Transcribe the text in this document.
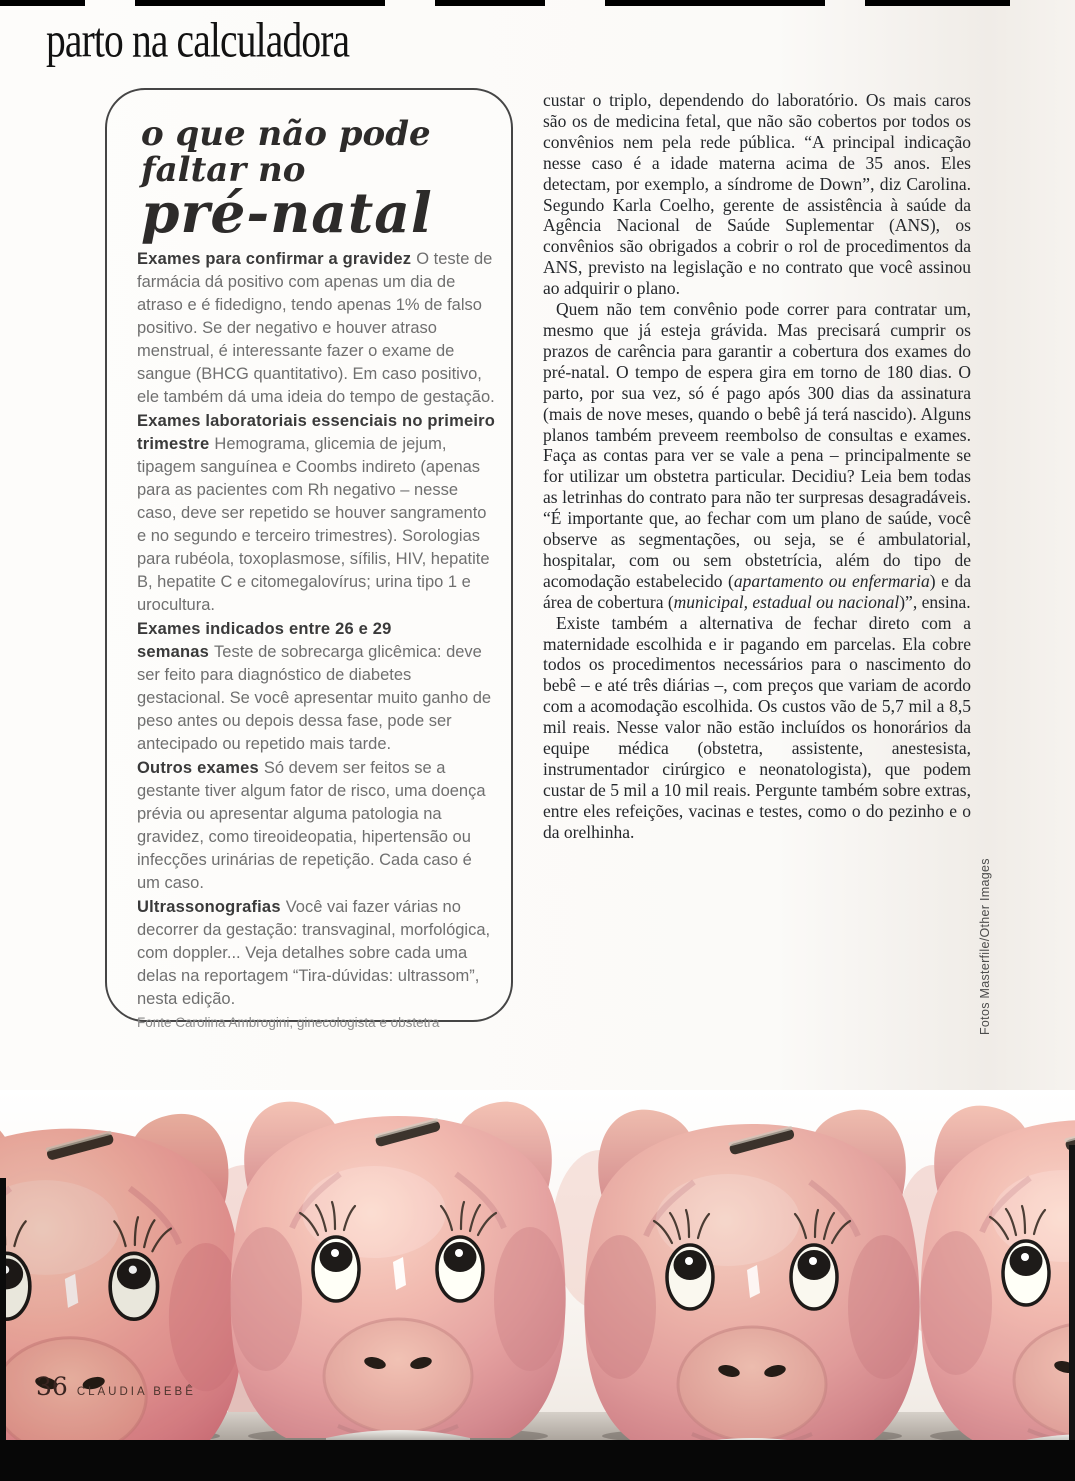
parto na calculadora
o que não pode faltar no
pré-natal

Exames para confirmar a gravidez O teste de farmácia dá positivo com apenas um dia de atraso e é fidedigno, tendo apenas 1% de falso positivo. Se der negativo e houver atraso menstrual, é interessante fazer o exame de sangue (BHCG quantitativo). Em caso positivo, ele também dá uma ideia do tempo de gestação.

Exames laboratoriais essenciais no primeiro trimestre Hemograma, glicemia de jejum, tipagem sanguínea e Coombs indireto (apenas para as pacientes com Rh negativo – nesse caso, deve ser repetido se houver sangramento e no segundo e terceiro trimestres). Sorologias para rubéola, toxoplasmose, sífilis, HIV, hepatite B, hepatite C e citomegalovírus; urina tipo 1 e urocultura.

Exames indicados entre 26 e 29 semanas Teste de sobrecarga glicêmica: deve ser feito para diagnóstico de diabetes gestacional. Se você apresentar muito ganho de peso antes ou depois dessa fase, pode ser antecipado ou repetido mais tarde.

Outros exames Só devem ser feitos se a gestante tiver algum fator de risco, uma doença prévia ou apresentar alguma patologia na gravidez, como tireoideopatia, hipertensão ou infecções urinárias de repetição. Cada caso é um caso.

Ultrassonografias Você vai fazer várias no decorrer da gestação: transvaginal, morfológica, com doppler... Veja detalhes sobre cada uma delas na reportagem “Tira-dúvidas: ultrassom”, nesta edição.

Fonte Carolina Ambrogini, ginecologista e obstetra

custar o triplo, dependendo do laboratório. Os mais caros são os de medicina fetal, que não são cobertos por todos os convênios nem pela rede pública. “A principal indicação nesse caso é a idade materna acima de 35 anos. Eles detectam, por exemplo, a síndrome de Down”, diz Carolina. Segundo Karla Coelho, gerente de assistência à saúde da Agência Nacional de Saúde Suplementar (ANS), os convênios são obrigados a cobrir o rol de procedimentos da ANS, previsto na legislação e no contrato que você assinou ao adquirir o plano.

Quem não tem convênio pode correr para contratar um, mesmo que já esteja grávida. Mas precisará cumprir os prazos de carência para garantir a cobertura dos exames do pré-natal. O tempo de espera gira em torno de 180 dias. O parto, por sua vez, só é pago após 300 dias da assinatura (mais de nove meses, quando o bebê já terá nascido). Alguns planos também preveem reembolso de consultas e exames. Faça as contas para ver se vale a pena – principalmente se for utilizar um obstetra particular. Decidiu? Leia bem todas as letrinhas do contrato para não ter surpresas desagradáveis. “É importante que, ao fechar com um plano de saúde, você observe as segmentações, ou seja, se é ambulatorial, hospitalar, com ou sem obstetrícia, além do tipo de acomodação estabelecido (apartamento ou enfermaria) e da área de cobertura (municipal, estadual ou nacional)”, ensina.

Existe também a alternativa de fechar direto com a maternidade escolhida e ir pagando em parcelas. Ela cobre todos os procedimentos necessários para o nascimento do bebê – e até três diárias –, com preços que variam de acordo com a acomodação escolhida. Os custos vão de 5,7 mil a 8,5 mil reais. Nesse valor não estão incluídos os honorários da equipe médica (obstetra, assistente, anestesista, instrumentador cirúrgico e neonatologista), que podem custar de 5 mil a 10 mil reais. Pergunte também sobre extras, entre eles refeições, vacinas e testes, como o do pezinho e o da orelhinha.

Fotos Masterfile/Other Images
36 CLAUDIA BEBÊ
